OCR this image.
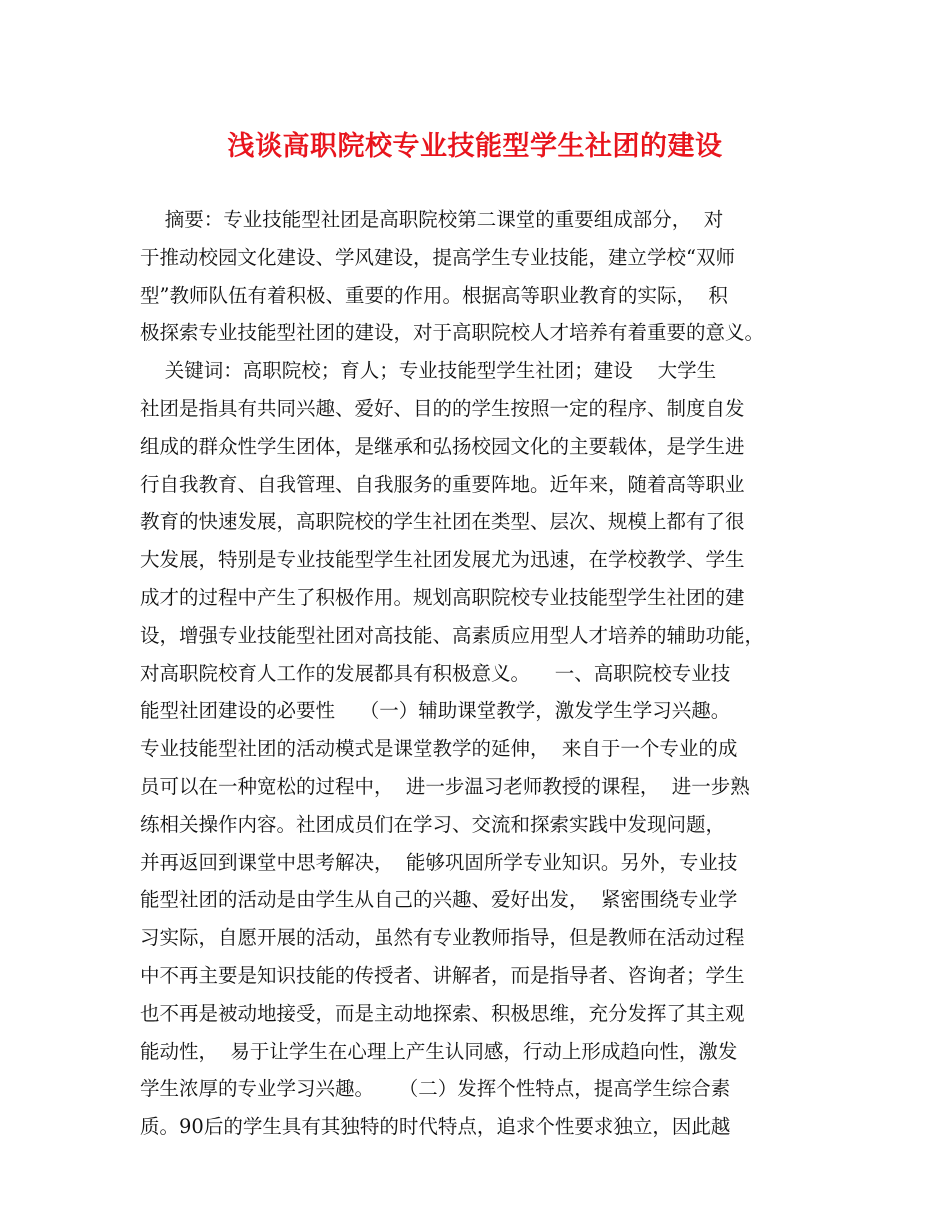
浅谈高职院校专业技能型学生社团的建设
摘要：专业技能型社团是高职院校第二课堂的重要组成部分，  对
于推动校园文化建设、学风建设，提高学生专业技能，建立学校“双师
型”教师队伍有着积极、重要的作用。根据高等职业教育的实际，  积
极探索专业技能型社团的建设，对于高职院校人才培养有着重要的意义。
关键词：高职院校；育人；专业技能型学生社团；建设    大学生
社团是指具有共同兴趣、爱好、目的的学生按照一定的程序、制度自发
组成的群众性学生团体，是继承和弘扬校园文化的主要载体，是学生进
行自我教育、自我管理、自我服务的重要阵地。近年来，随着高等职业
教育的快速发展，高职院校的学生社团在类型、层次、规模上都有了很
大发展，特别是专业技能型学生社团发展尤为迅速，在学校教学、学生
成才的过程中产生了积极作用。规划高职院校专业技能型学生社团的建
设，增强专业技能型社团对高技能、高素质应用型人才培养的辅助功能，
对高职院校育人工作的发展都具有积极意义。    一、高职院校专业技
能型社团建设的必要性    （一）辅助课堂教学，激发学生学习兴趣。
专业技能型社团的活动模式是课堂教学的延伸，  来自于一个专业的成
员可以在一种宽松的过程中，  进一步温习老师教授的课程，  进一步熟
练相关操作内容。社团成员们在学习、交流和探索实践中发现问题，
并再返回到课堂中思考解决，  能够巩固所学专业知识。另外，专业技
能型社团的活动是由学生从自己的兴趣、爱好出发，  紧密围绕专业学
习实际，自愿开展的活动，虽然有专业教师指导，但是教师在活动过程
中不再主要是知识技能的传授者、讲解者，而是指导者、咨询者；学生
也不再是被动地接受，而是主动地探索、积极思维，充分发挥了其主观
能动性，  易于让学生在心理上产生认同感，行动上形成趋向性，激发
学生浓厚的专业学习兴趣。    （二）发挥个性特点，提高学生综合素
质。90后的学生具有其独特的时代特点，追求个性要求独立，因此越
